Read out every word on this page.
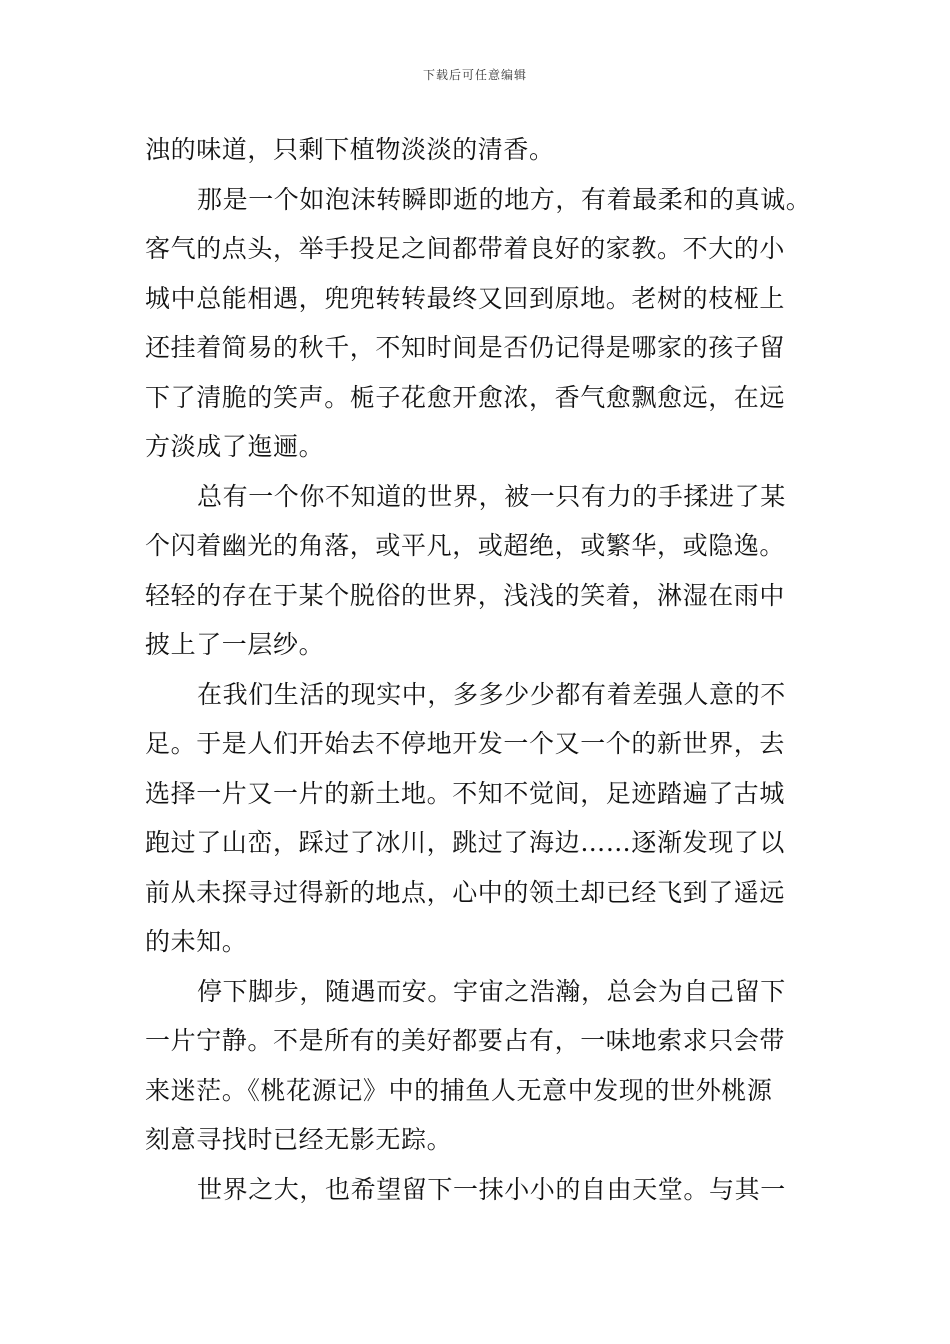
下载后可任意编辑
浊的味道，只剩下植物淡淡的清香。
那是一个如泡沫转瞬即逝的地方，有着最柔和的真诚。
客气的点头，举手投足之间都带着良好的家教。不大的小
城中总能相遇，兜兜转转最终又回到原地。老树的枝桠上
还挂着简易的秋千，不知时间是否仍记得是哪家的孩子留
下了清脆的笑声。栀子花愈开愈浓，香气愈飘愈远，在远
方淡成了迤逦。
总有一个你不知道的世界，被一只有力的手揉进了某
个闪着幽光的角落，或平凡，或超绝，或繁华，或隐逸。
轻轻的存在于某个脱俗的世界，浅浅的笑着，淋湿在雨中
披上了一层纱。
在我们生活的现实中，多多少少都有着差强人意的不
足。于是人们开始去不停地开发一个又一个的新世界，去
选择一片又一片的新土地。不知不觉间，足迹踏遍了古城
跑过了山峦，踩过了冰川，跳过了海边……逐渐发现了以
前从未探寻过得新的地点，心中的领土却已经飞到了遥远
的未知。
停下脚步，随遇而安。宇宙之浩瀚，总会为自己留下
一片宁静。不是所有的美好都要占有，一味地索求只会带
来迷茫。《桃花源记》中的捕鱼人无意中发现的世外桃源
刻意寻找时已经无影无踪。
世界之大，也希望留下一抹小小的自由天堂。与其一
